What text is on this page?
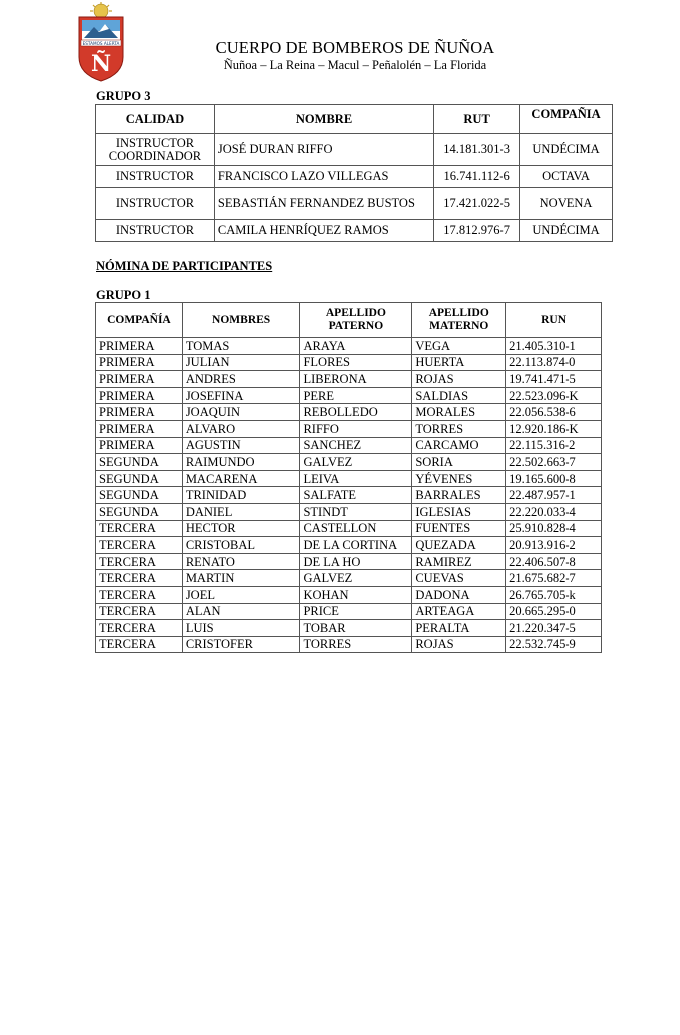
ESTAMOS ALERTA
Ñ
CUERPO DE BOMBEROS DE ÑUÑOA
Ñuñoa – La Reina – Macul – Peñalolén – La Florida
GRUPO 3
CALIDAD	NOMBRE	RUT	COMPAÑIA
INSTRUCTOR COORDINADOR	JOSÉ DURAN RIFFO	14.181.301-3	UNDÉCIMA
INSTRUCTOR	FRANCISCO LAZO VILLEGAS	16.741.112-6	OCTAVA
INSTRUCTOR	SEBASTIÁN FERNANDEZ BUSTOS	17.421.022-5	NOVENA
INSTRUCTOR	CAMILA HENRÍQUEZ RAMOS	17.812.976-7	UNDÉCIMA
NÓMINA DE PARTICIPANTES
GRUPO 1
COMPAÑÍA	NOMBRES	APELLIDO PATERNO	APELLIDO MATERNO	RUN
PRIMERA	TOMAS	ARAYA	VEGA	21.405.310-1
PRIMERA	JULIAN	FLORES	HUERTA	22.113.874-0
PRIMERA	ANDRES	LIBERONA	ROJAS	19.741.471-5
PRIMERA	JOSEFINA	PERE	SALDIAS	22.523.096-K
PRIMERA	JOAQUIN	REBOLLEDO	MORALES	22.056.538-6
PRIMERA	ALVARO	RIFFO	TORRES	12.920.186-K
PRIMERA	AGUSTIN	SANCHEZ	CARCAMO	22.115.316-2
SEGUNDA	RAIMUNDO	GALVEZ	SORIA	22.502.663-7
SEGUNDA	MACARENA	LEIVA	YÉVENES	19.165.600-8
SEGUNDA	TRINIDAD	SALFATE	BARRALES	22.487.957-1
SEGUNDA	DANIEL	STINDT	IGLESIAS	22.220.033-4
TERCERA	HECTOR	CASTELLON	FUENTES	25.910.828-4
TERCERA	CRISTOBAL	DE LA CORTINA	QUEZADA	20.913.916-2
TERCERA	RENATO	DE LA HO	RAMIREZ	22.406.507-8
TERCERA	MARTIN	GALVEZ	CUEVAS	21.675.682-7
TERCERA	JOEL	KOHAN	DADONA	26.765.705-k
TERCERA	ALAN	PRICE	ARTEAGA	20.665.295-0
TERCERA	LUIS	TOBAR	PERALTA	21.220.347-5
TERCERA	CRISTOFER	TORRES	ROJAS	22.532.745-9
